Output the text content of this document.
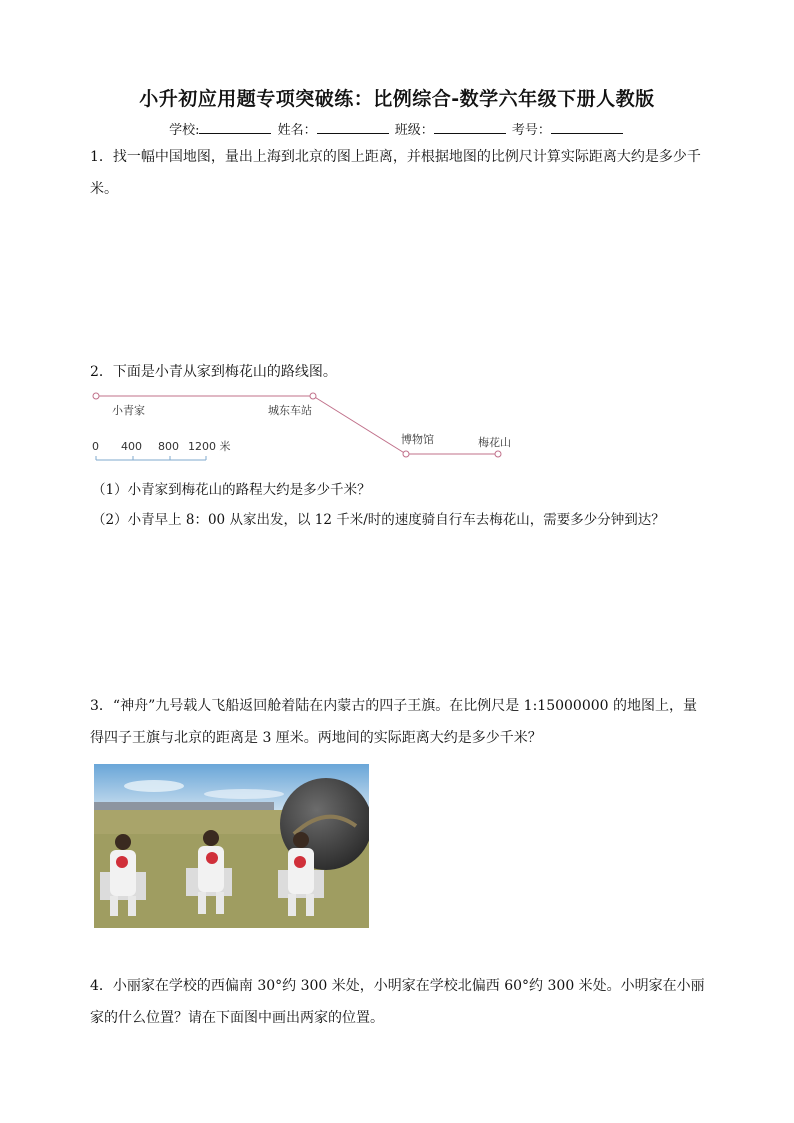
小升初应用题专项突破练：比例综合-数学六年级下册人教版
学校:	姓名：	班级：	考号：
1．找一幅中国地图，量出上海到北京的图上距离，并根据地图的比例尺计算实际距离大约是多少千米。
2．下面是小青从家到梅花山的路线图。
小青家	城东车站
博物馆	梅花山
0 400 800 1200 米
（1）小青家到梅花山的路程大约是多少千米？
（2）小青早上 8：00 从家出发，以 12 千米/时的速度骑自行车去梅花山，需要多少分钟到达？
3．“神舟”九号载人飞船返回舱着陆在内蒙古的四子王旗。在比例尺是 1:15000000 的地图上，量得四子王旗与北京的距离是 3 厘米。两地间的实际距离大约是多少千米？
4．小丽家在学校的西偏南 30°约 300 米处，小明家在学校北偏西 60°约 300 米处。小明家在小丽家的什么位置？请在下面图中画出两家的位置。
